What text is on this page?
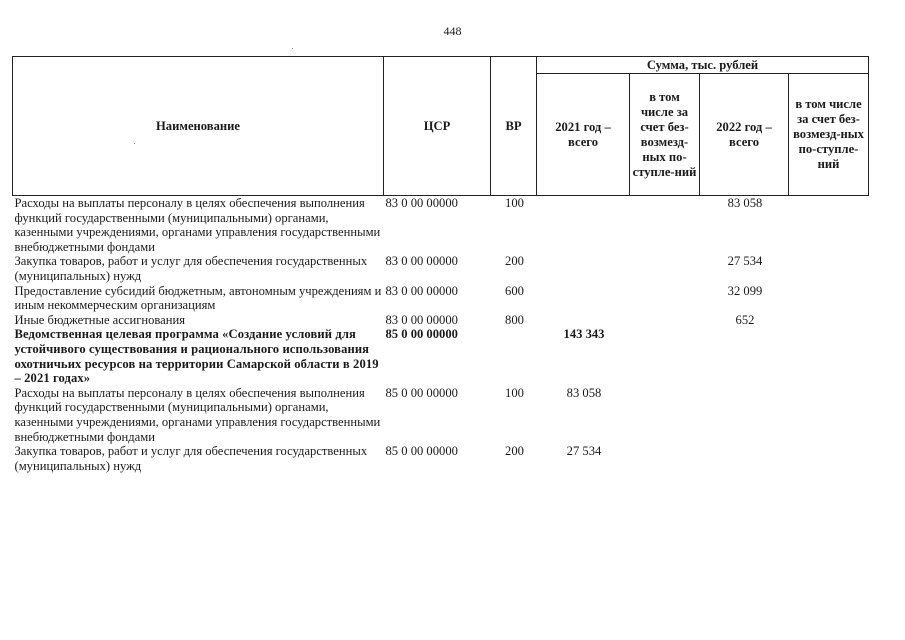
448
Наименование	ЦСР	ВР	Сумма, тыс. рублей			
			2021 год – всего	в том числе за счет без-возмезд-ных по-ступле-ний	2022 год – всего	в том числе за счет без-возмезд-ных по-ступле-ний
Расходы на выплаты персоналу в целях обеспечения выполнения функций государственными (муниципальными) органами, казенными учреждениями, органами управления государственными внебюджетными фондами	83 0 00 00000	100			83 058	
Закупка товаров, работ и услуг для обеспечения государственных (муниципальных) нужд	83 0 00 00000	200			27 534	
Предоставление субсидий бюджетным, автономным учреждениям и иным некоммерческим организациям	83 0 00 00000	600			32 099	
Иные бюджетные ассигнования	83 0 00 00000	800			652	
Ведомственная целевая программа «Создание условий для устойчивого существования и рационального использования охотничьих ресурсов на территории Самарской области в 2019 – 2021 годах»	85 0 00 00000		143 343			
Расходы на выплаты персоналу в целях обеспечения выполнения функций государственными (муниципальными) органами, казенными учреждениями, органами управления государственными внебюджетными фондами	85 0 00 00000	100	83 058			
Закупка товаров, работ и услуг для обеспечения государственных (муниципальных) нужд	85 0 00 00000	200	27 534			
